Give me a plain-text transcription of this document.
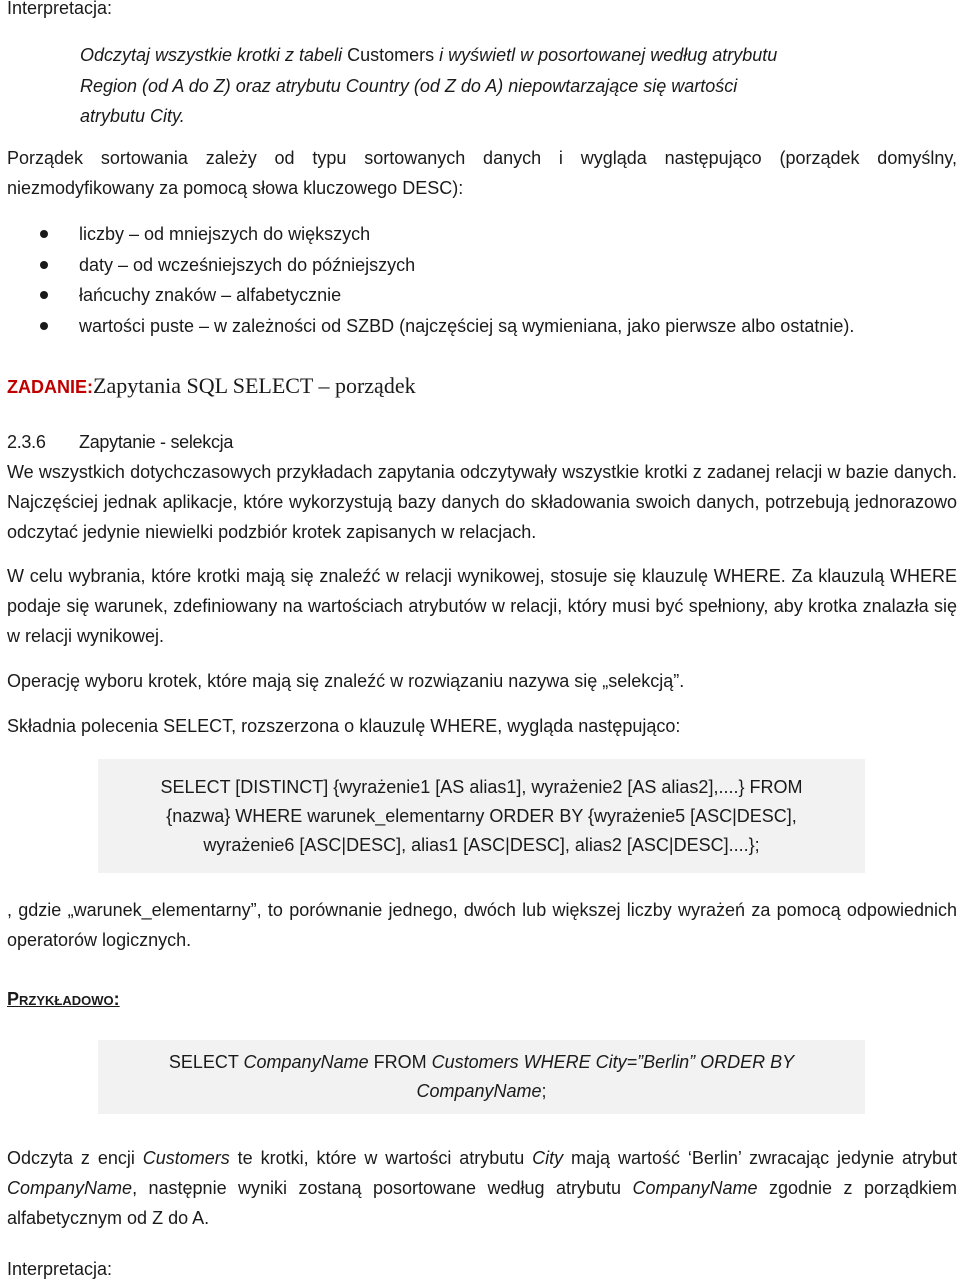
Interpretacja:
Odczytaj wszystkie krotki z tabeli Customers i wyświetl w posortowanej według atrybutu
Region (od A do Z) oraz atrybutu Country (od Z do A) niepowtarzające się wartości
atrybutu City.

Porządek sortowania zależy od typu sortowanych danych i wygląda następująco (porządek domyślny, niezmodyfikowany za pomocą słowa kluczowego DESC):

liczby – od mniejszych do większych
daty – od wcześniejszych do późniejszych
łańcuchy znaków – alfabetycznie
wartości puste – w zależności od SZBD (najczęściej są wymieniana, jako pierwsze albo ostatnie).
ZADANIE:Zapytania SQL SELECT – porządek
2.3.6 Zapytanie - selekcja

We wszystkich dotychczasowych przykładach zapytania odczytywały wszystkie krotki z zadanej relacji w bazie danych. Najczęściej jednak aplikacje, które wykorzystują bazy danych do składowania swoich danych, potrzebują jednorazowo odczytać jedynie niewielki podzbiór krotek zapisanych w relacjach.

W celu wybrania, które krotki mają się znaleźć w relacji wynikowej, stosuje się klauzulę WHERE. Za klauzulą WHERE podaje się warunek, zdefiniowany na wartościach atrybutów w relacji, który musi być spełniony, aby krotka znalazła się w relacji wynikowej.

Operację wyboru krotek, które mają się znaleźć w rozwiązaniu nazywa się „selekcją”.

Składnia polecenia SELECT, rozszerzona o klauzulę WHERE, wygląda następująco:

SELECT [DISTINCT] {wyrażenie1 [AS alias1], wyrażenie2 [AS alias2],....} FROM
{nazwa} WHERE warunek_elementarny ORDER BY {wyrażenie5 [ASC|DESC],
wyrażenie6 [ASC|DESC], alias1 [ASC|DESC], alias2 [ASC|DESC]....};

, gdzie „warunek_elementarny”, to porównanie jednego, dwóch lub większej liczby wyrażeń za pomocą odpowiednich operatorów logicznych.

Przykładowo:
SELECT CompanyName FROM Customers WHERE City=”Berlin” ORDER BY
CompanyName;

Odczyta z encji Customers te krotki, które w wartości atrybutu City mają wartość ‘Berlin’ zwracając jedynie atrybut CompanyName, następnie wyniki zostaną posortowane według atrybutu CompanyName zgodnie z porządkiem alfabetycznym od Z do A.

Interpretacja:
